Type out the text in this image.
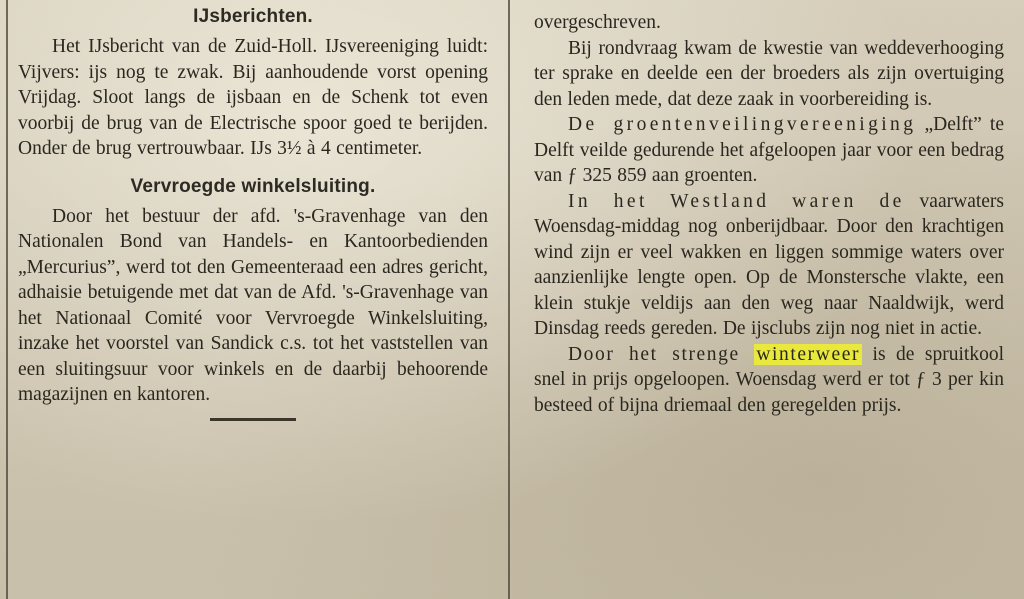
IJsberichten.

Het IJsbericht van de Zuid-Holl. IJsvereeniging luidt: Vijvers: ijs nog te zwak. Bij aanhoudende vorst opening Vrijdag. Sloot langs de ijsbaan en de Schenk tot even voorbij de brug van de Electrische spoor goed te berijden. Onder de brug vertrouwbaar. IJs 3½ à 4 centimeter.

Vervroegde winkelsluiting.

Door het bestuur der afd. 's-Gravenhage van den Nationalen Bond van Handels- en Kantoorbedienden „Mercurius”, werd tot den Gemeenteraad een adres gericht, adhaisie betuigende met dat van de Afd. 's-Gravenhage van het Nationaal Comité voor Vervroegde Winkelsluiting, inzake het voorstel van Sandick c.s. tot het vaststellen van een sluitingsuur voor winkels en de daarbij behoorende magazijnen en kantoren.

overgeschreven.

Bij rondvraag kwam de kwestie van weddeverhooging ter sprake en deelde een der broeders als zijn overtuiging den leden mede, dat deze zaak in voorbereiding is.

De groentenveilingvereeniging „Delft” te Delft veilde gedurende het afgeloopen jaar voor een bedrag van ƒ 325 859 aan groenten.

In het Westland waren de vaarwaters Woensdag-middag nog onberijdbaar. Door den krachtigen wind zijn er veel wakken en liggen sommige waters over aanzienlijke lengte open. Op de Monstersche vlakte, een klein stukje veldijs aan den weg naar Naaldwijk, werd Dinsdag reeds gereden. De ijsclubs zijn nog niet in actie.

Door het strenge winterweer is de spruitkool snel in prijs opgeloopen. Woensdag werd er tot ƒ 3 per kin besteed of bijna driemaal den geregelden prijs.
